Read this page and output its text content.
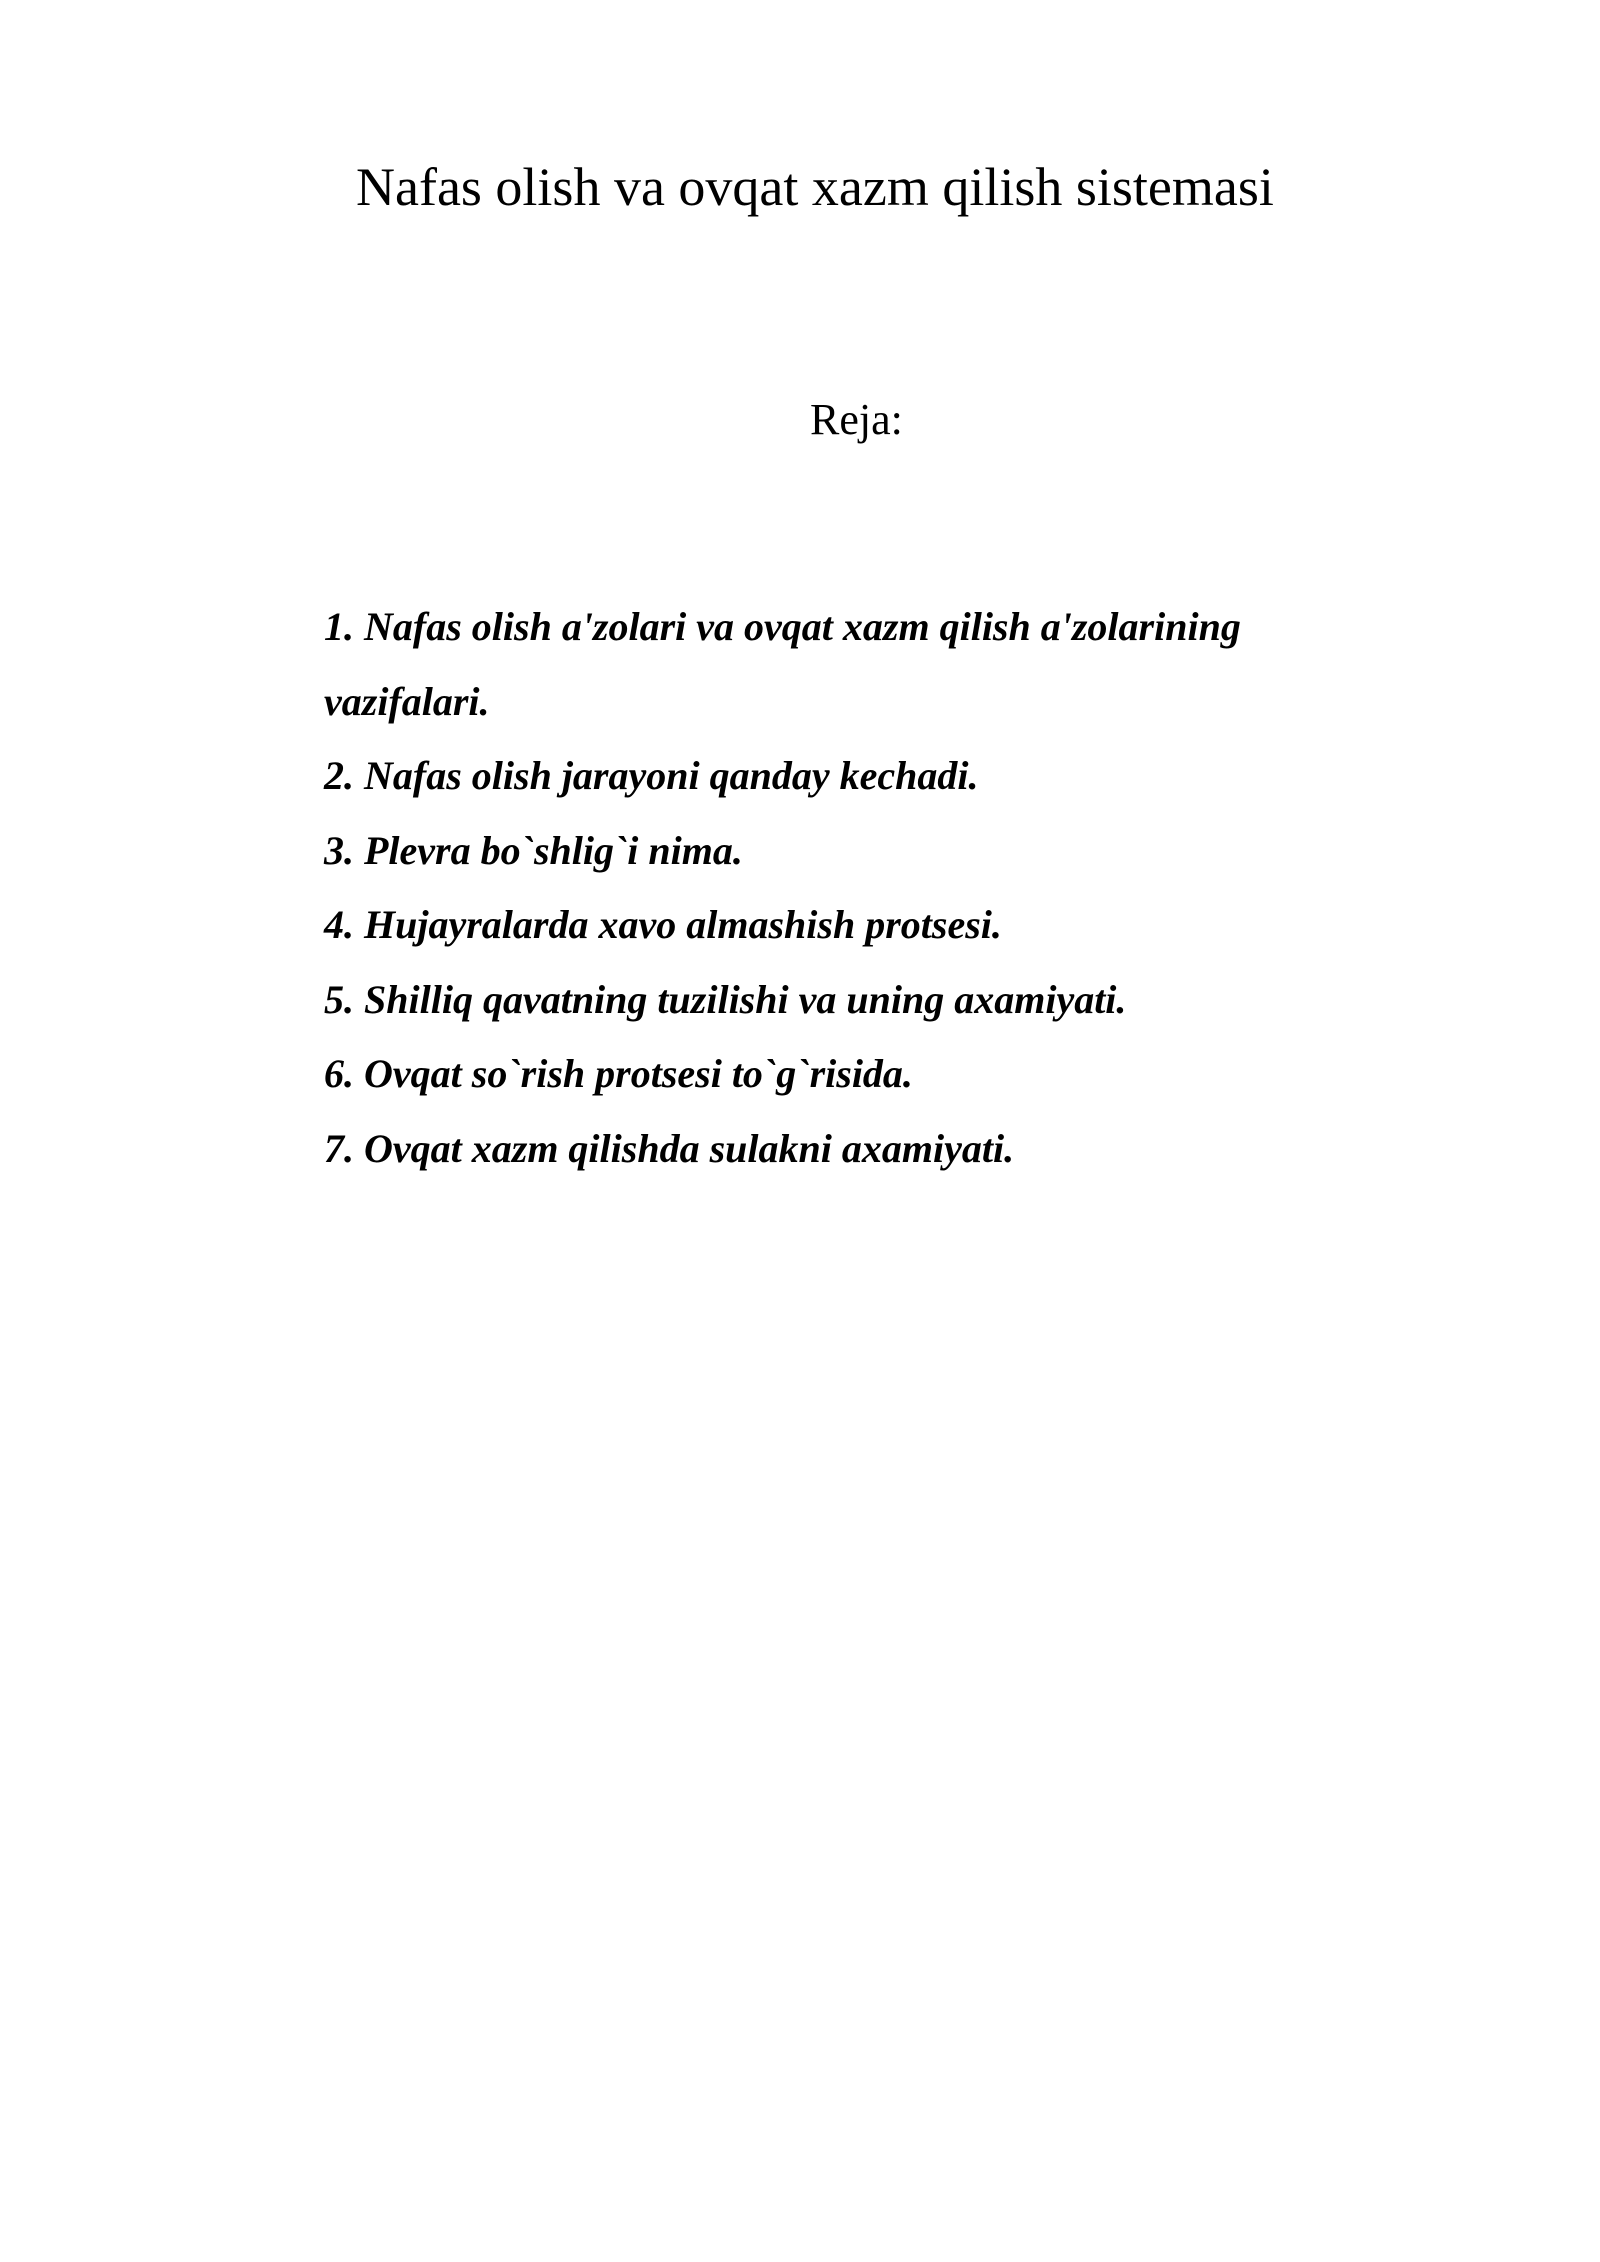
Nafas olish va ovqat xazm qilish sistemasi

Reja:

1. Nafas olish a'zolari va ovqat xazm qilish a'zolarining vazifalari.
2. Nafas olish jarayoni qanday kechadi.
3. Plevra bo`shlig`i nima.
4. Hujayralarda xavo almashish protsesi.
5. Shilliq qavatning tuzilishi va uning axamiyati.
6. Ovqat so`rish protsesi to`g`risida.
7. Ovqat xazm qilishda sulakni axamiyati.
